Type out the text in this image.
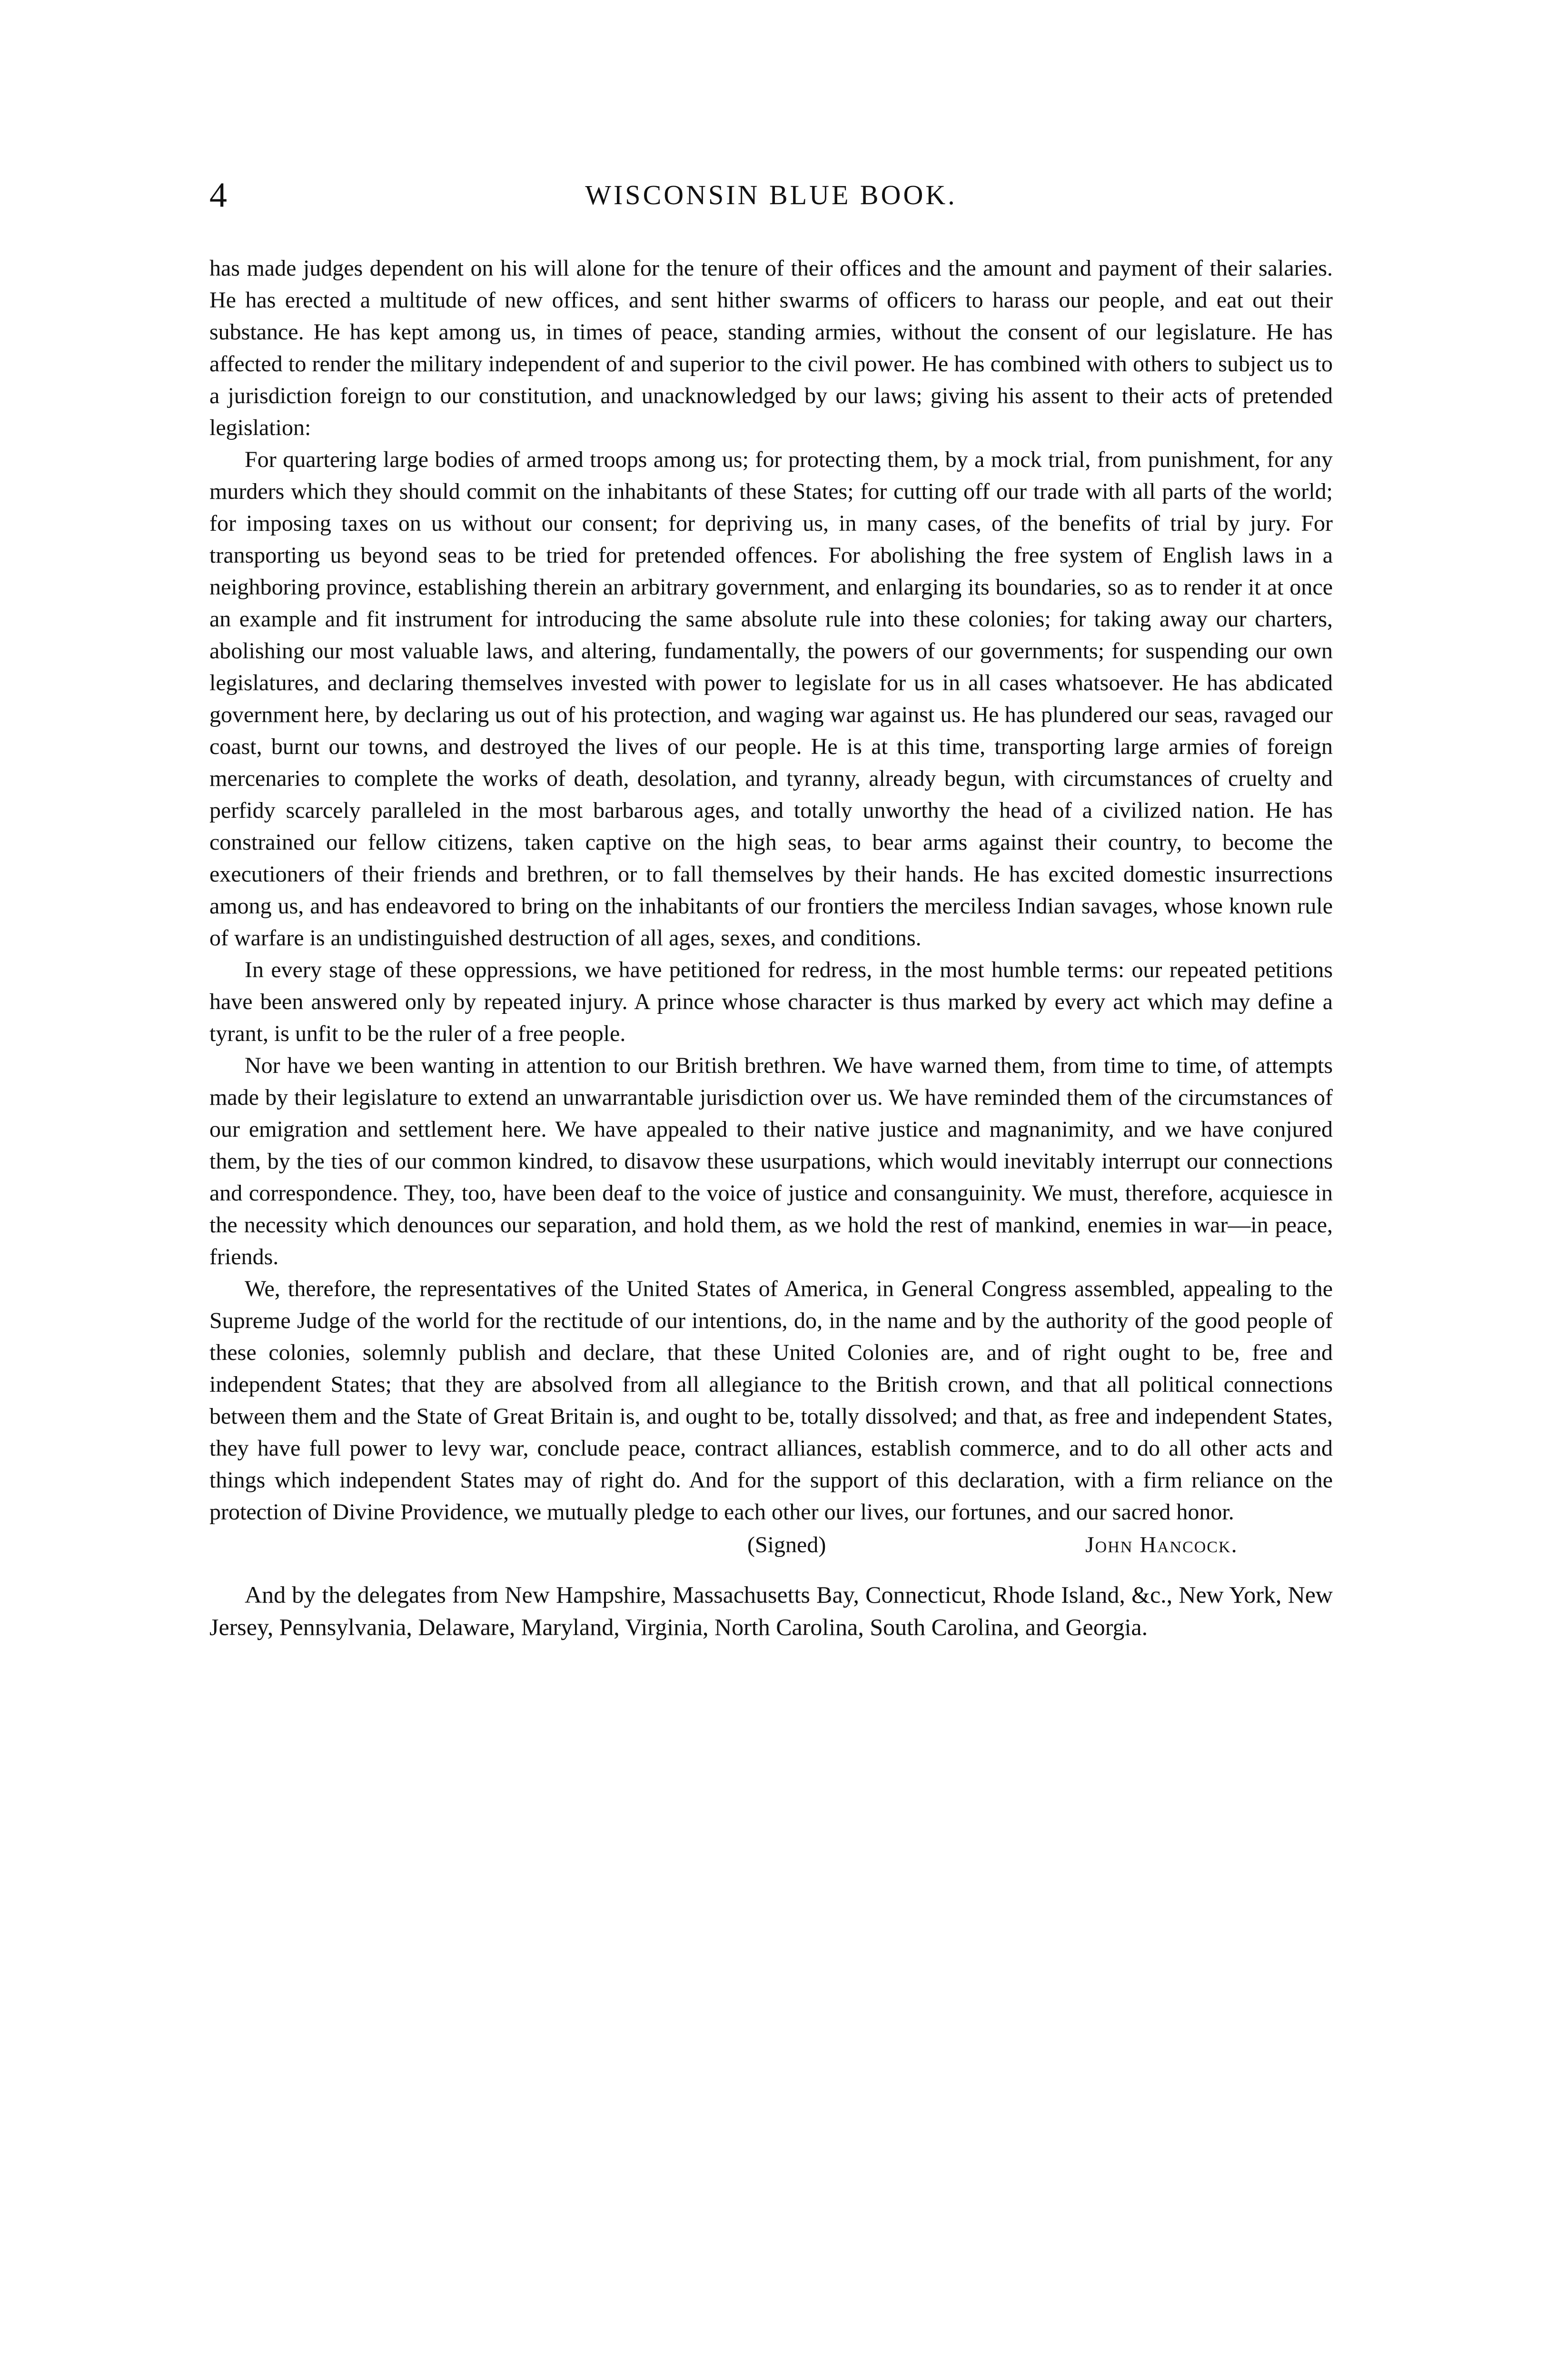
4	WISCONSIN BLUE BOOK.

has made judges dependent on his will alone for the tenure of their offices and the amount and payment of their salaries. He has erected a multitude of new offices, and sent hither swarms of officers to harass our people, and eat out their substance. He has kept among us, in times of peace, standing armies, without the consent of our legislature. He has affected to render the military independent of and superior to the civil power. He has combined with others to subject us to a jurisdiction foreign to our constitution, and unacknowledged by our laws; giving his assent to their acts of pretended legislation:

For quartering large bodies of armed troops among us; for protecting them, by a mock trial, from punishment, for any murders which they should commit on the inhabitants of these States; for cutting off our trade with all parts of the world; for imposing taxes on us without our consent; for depriving us, in many cases, of the benefits of trial by jury. For transporting us beyond seas to be tried for pretended offences. For abolishing the free system of English laws in a neighboring province, establishing therein an arbitrary government, and enlarging its boundaries, so as to render it at once an example and fit instrument for introducing the same absolute rule into these colonies; for taking away our charters, abolishing our most valuable laws, and altering, fundamentally, the powers of our governments; for suspending our own legislatures, and declaring themselves invested with power to legislate for us in all cases whatsoever. He has abdicated government here, by declaring us out of his protection, and waging war against us. He has plundered our seas, ravaged our coast, burnt our towns, and destroyed the lives of our people. He is at this time, transporting large armies of foreign mercenaries to complete the works of death, desolation, and tyranny, already begun, with circumstances of cruelty and perfidy scarcely paralleled in the most barbarous ages, and totally unworthy the head of a civilized nation. He has constrained our fellow citizens, taken captive on the high seas, to bear arms against their country, to become the executioners of their friends and brethren, or to fall themselves by their hands. He has excited domestic insurrections among us, and has endeavored to bring on the inhabitants of our frontiers the merciless Indian savages, whose known rule of warfare is an undistinguished destruction of all ages, sexes, and conditions.

In every stage of these oppressions, we have petitioned for redress, in the most humble terms: our repeated petitions have been answered only by repeated injury. A prince whose character is thus marked by every act which may define a tyrant, is unfit to be the ruler of a free people.

Nor have we been wanting in attention to our British brethren. We have warned them, from time to time, of attempts made by their legislature to extend an unwarrantable jurisdiction over us. We have reminded them of the circumstances of our emigration and settlement here. We have appealed to their native justice and magnanimity, and we have conjured them, by the ties of our common kindred, to disavow these usurpations, which would inevitably interrupt our connections and correspondence. They, too, have been deaf to the voice of justice and consanguinity. We must, therefore, acquiesce in the necessity which denounces our separation, and hold them, as we hold the rest of mankind, enemies in war—in peace, friends.

We, therefore, the representatives of the United States of America, in General Congress assembled, appealing to the Supreme Judge of the world for the rectitude of our intentions, do, in the name and by the authority of the good people of these colonies, solemnly publish and declare, that these United Colonies are, and of right ought to be, free and independent States; that they are absolved from all allegiance to the British crown, and that all political connections between them and the State of Great Britain is, and ought to be, totally dissolved; and that, as free and independent States, they have full power to levy war, conclude peace, contract alliances, establish commerce, and to do all other acts and things which independent States may of right do. And for the support of this declaration, with a firm reliance on the protection of Divine Providence, we mutually pledge to each other our lives, our fortunes, and our sacred honor.

(Signed)	John Hancock.

And by the delegates from New Hampshire, Massachusetts Bay, Connecticut, Rhode Island, &c., New York, New Jersey, Pennsylvania, Delaware, Maryland, Virginia, North Carolina, South Carolina, and Georgia.
